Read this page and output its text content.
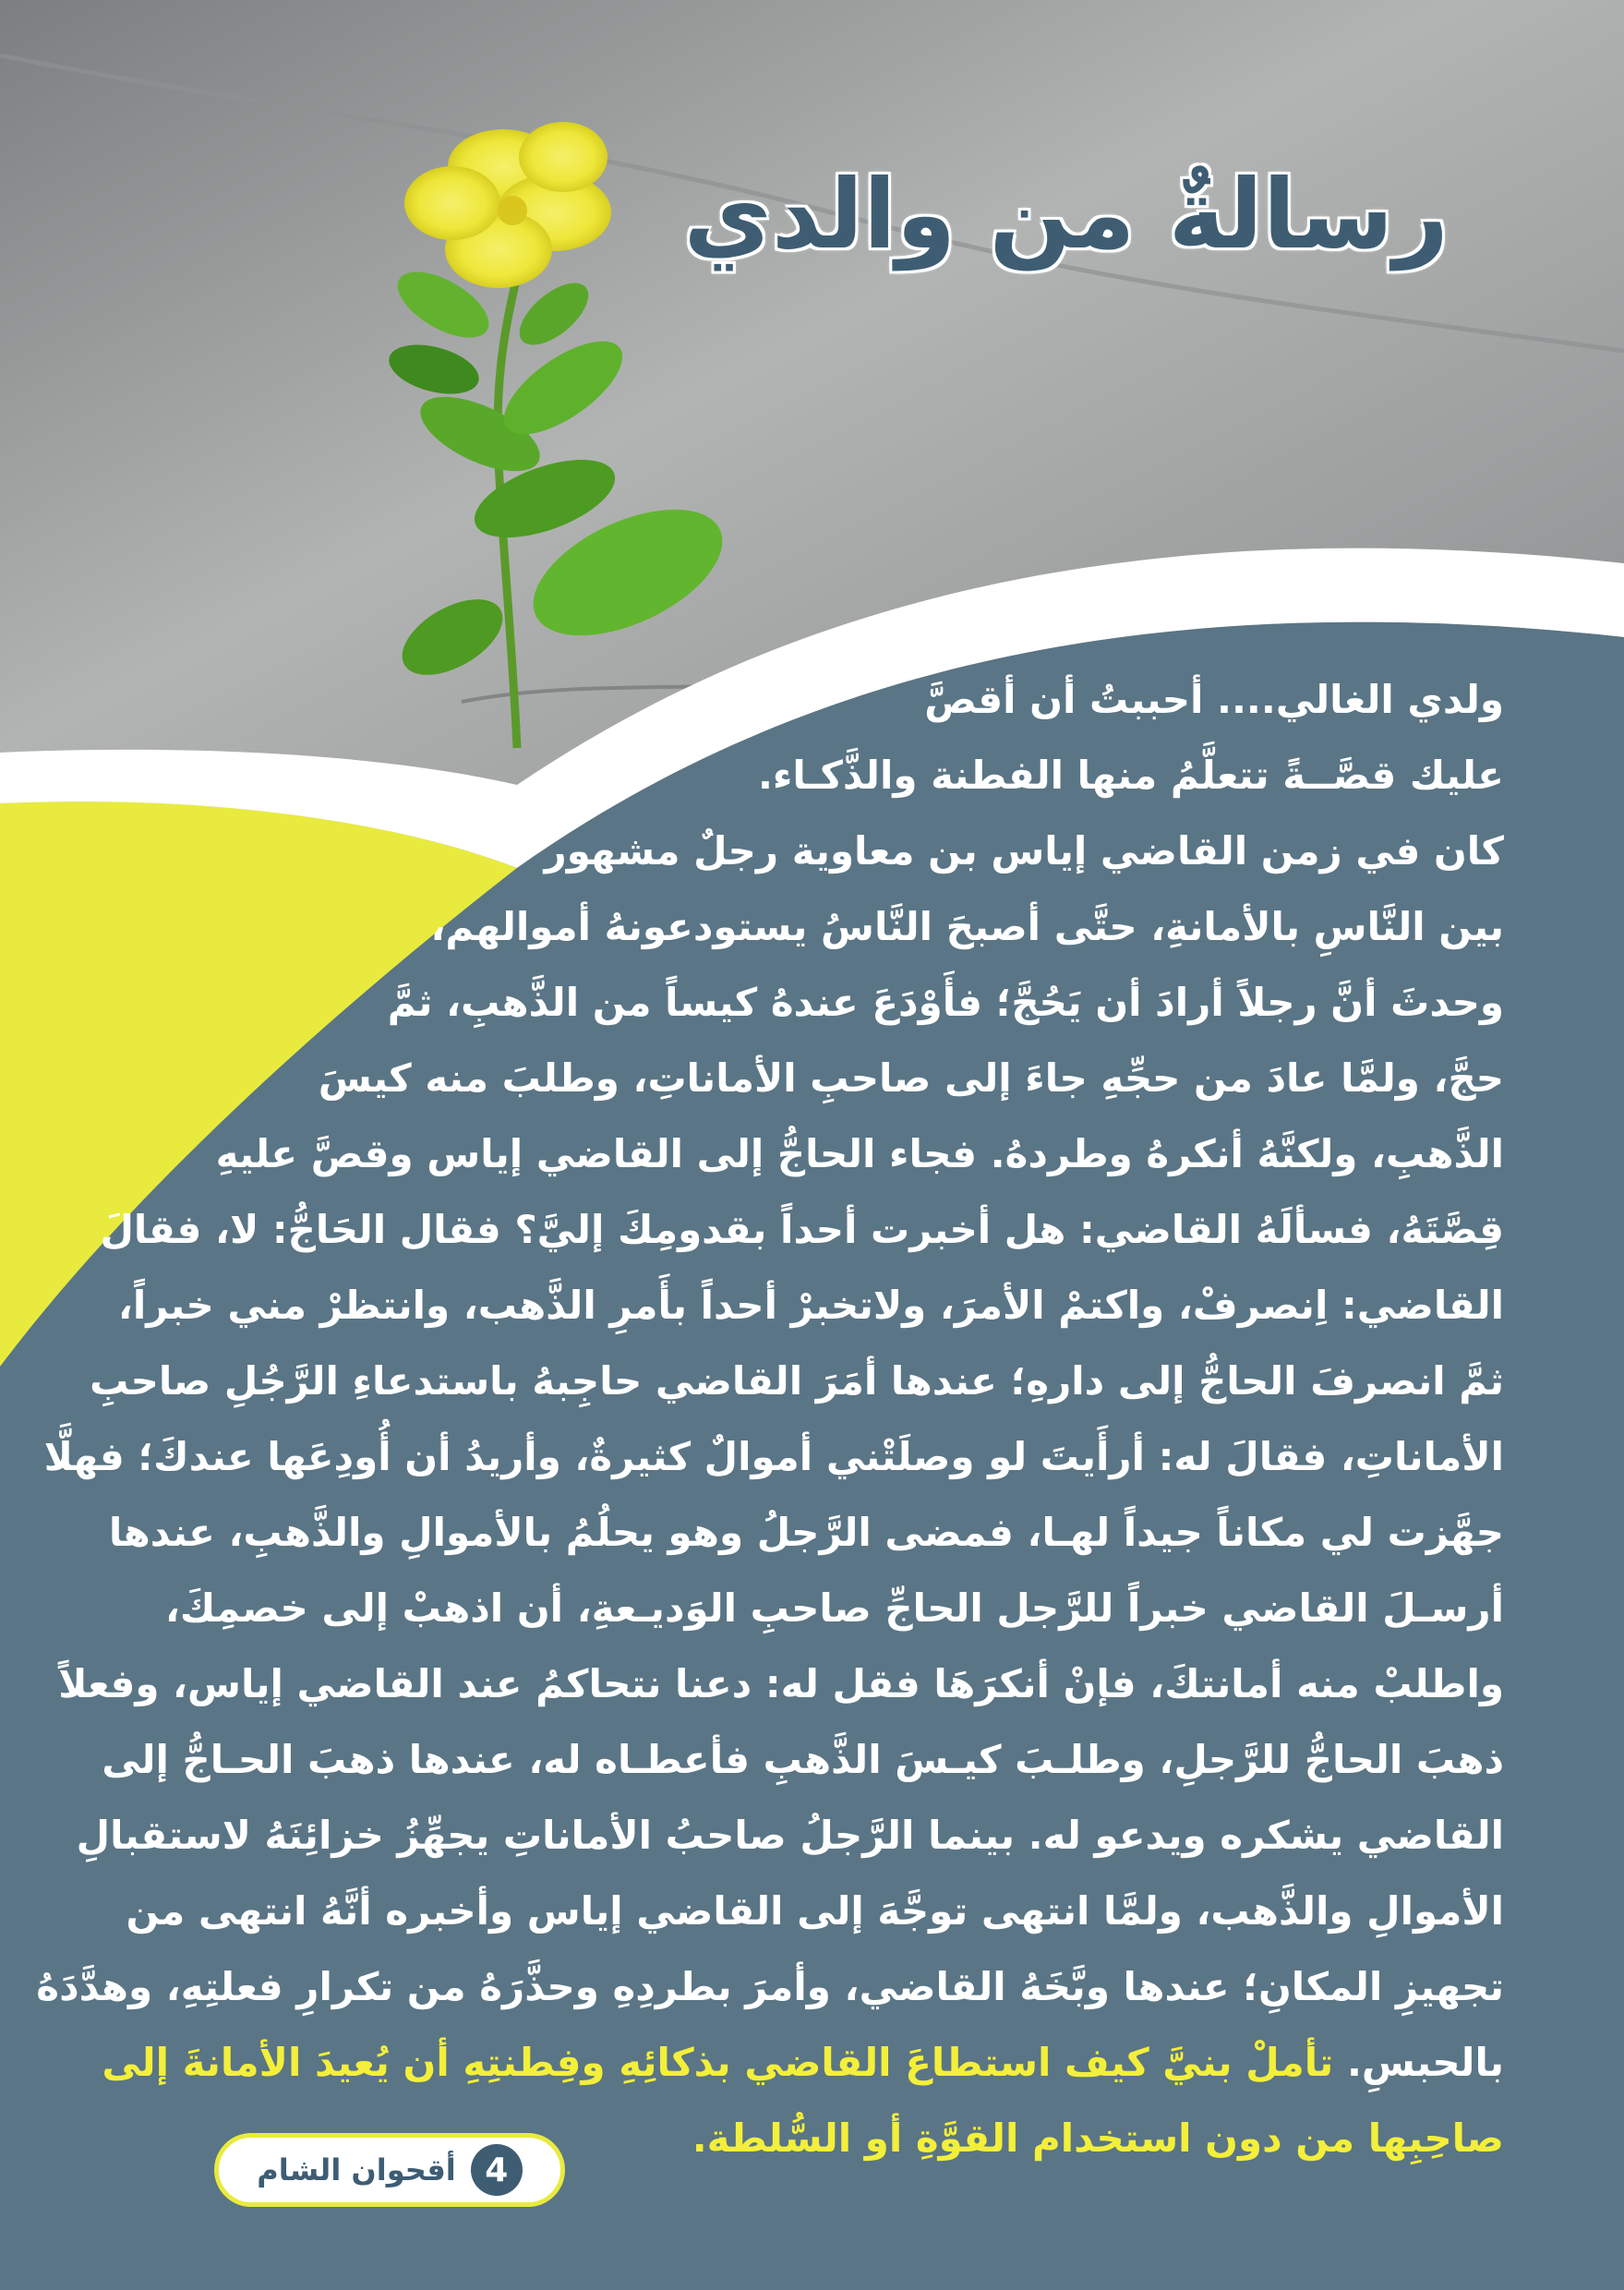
رسالةٌ من والدي
ولدي الغالي.... أحببتُ أن أقصَّ
عليك قصَّــةً تتعلَّمُ منها الفطنة والذَّكـاء.
كان في زمن القاضي إياس بن معاوية رجلٌ مشهور
بين النَّاسِ بالأمانةِ، حتَّى أصبحَ النَّاسُ يستودعونهُ أموالهم،
وحدثَ أنَّ رجلاً أرادَ أن يَحُجَّ؛ فأَوْدَعَ عندهُ كيساً من الذَّهبِ، ثمَّ
حجَّ، ولمَّا عادَ من حجِّهِ جاءَ إلى صاحبِ الأماناتِ، وطلبَ منه كيسَ
الذَّهبِ، ولكنَّهُ أنكرهُ وطردهُ. فجاء الحاجُّ إلى القاضي إياس وقصَّ عليهِ
قِصَّتَهُ، فسألَهُ القاضي: هل أخبرت أحداً بقدومِكَ إليَّ؟ فقال الحَاجُّ: لا، فقالَ
القاضي: اِنصرفْ، واكتمْ الأمرَ، ولاتخبرْ أحداً بأَمرِ الذَّهب، وانتظرْ مني خبراً،
ثمَّ انصرفَ الحاجُّ إلى دارهِ؛ عندها أمَرَ القاضي حاجِبهُ باستدعاءِ الرَّجُلِ صاحبِ
الأماناتِ، فقالَ له: أرأَيتَ لو وصلَتْني أموالٌ كثيرةٌ، وأريدُ أن أُودِعَها عندكَ؛ فهلَّا
جهَّزت لي مكاناً جيداً لهـا، فمضى الرَّجلُ وهو يحلُمُ بالأموالِ والذَّهبِ، عندها
أرسـلَ القاضي خبراً للرَّجل الحاجِّ صاحبِ الوَديـعةِ، أن اذهبْ إلى خصمِكَ،
واطلبْ منه أمانتكَ، فإنْ أنكرَهَا فقل له: دعنا نتحاكمُ عند القاضي إياس، وفعلاً
ذهبَ الحاجُّ للرَّجلِ، وطلـبَ كيـسَ الذَّهبِ فأعطـاه له، عندها ذهبَ الحـاجُّ إلى
القاضي يشكره ويدعو له. بينما الرَّجلُ صاحبُ الأماناتِ يجهِّزُ خزائِنَهُ لاستقبالِ
الأموالِ والذَّهب، ولمَّا انتهى توجَّهَ إلى القاضي إياس وأخبره أنَّهُ انتهى من
تجهيزِ المكانِ؛ عندها وبَّخَهُ القاضي، وأمرَ بطردِهِ وحذَّرَهُ من تكرارِ فعلتِهِ، وهدَّدَهُ
بالحبسِ. تأملْ بنيَّ كيف استطاعَ القاضي بذكائِهِ وفِطنتِهِ أن يُعيدَ الأمانةَ إلى
صاحِبِها من دون استخدام القوَّةِ أو السُّلطة.
4
أقحوان الشام
